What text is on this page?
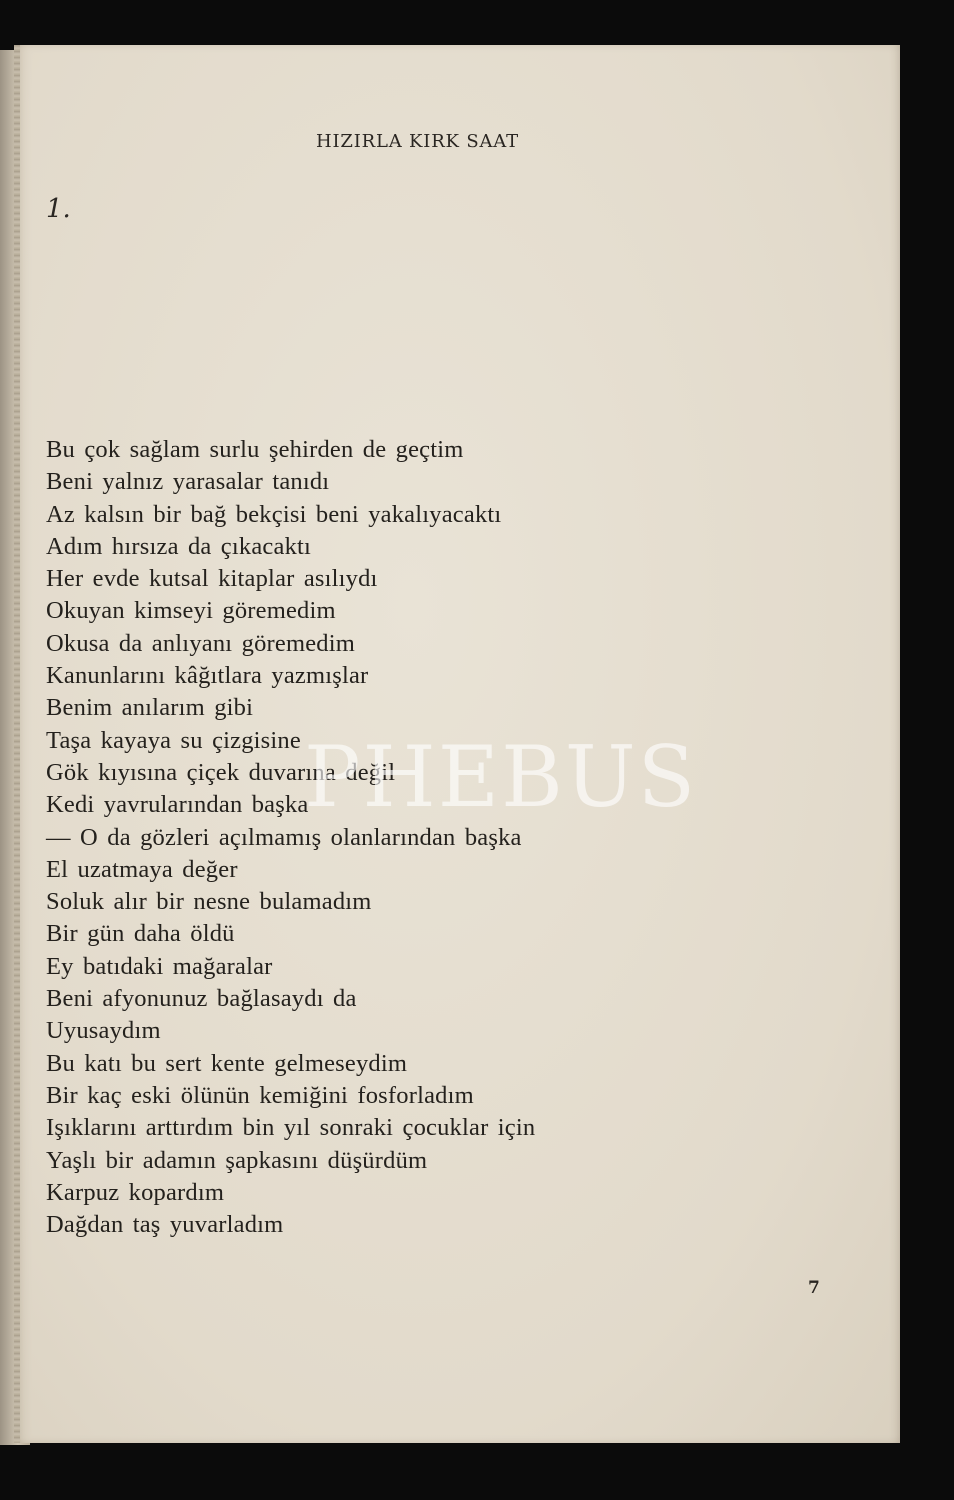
HIZIRLA KIRK SAAT
1.
Bu çok sağlam surlu şehirden de geçtim
Beni yalnız yarasalar tanıdı
Az kalsın bir bağ bekçisi beni yakalıyacaktı
Adım hırsıza da çıkacaktı
Her evde kutsal kitaplar asılıydı
Okuyan kimseyi göremedim
Okusa da anlıyanı göremedim
Kanunlarını kâğıtlara yazmışlar
Benim anılarım gibi
Taşa kayaya su çizgisine
Gök kıyısına çiçek duvarına değil
Kedi yavrularından başka
— O da gözleri açılmamış olanlarından başka
El uzatmaya değer
Soluk alır bir nesne bulamadım
Bir gün daha öldü
Ey batıdaki mağaralar
Beni afyonunuz bağlasaydı da
Uyusaydım
Bu katı bu sert kente gelmeseydim
Bir kaç eski ölünün kemiğini fosforladım
Işıklarını arttırdım bin yıl sonraki çocuklar için
Yaşlı bir adamın şapkasını düşürdüm
Karpuz kopardım
Dağdan taş yuvarladım
PHEBUS
7
